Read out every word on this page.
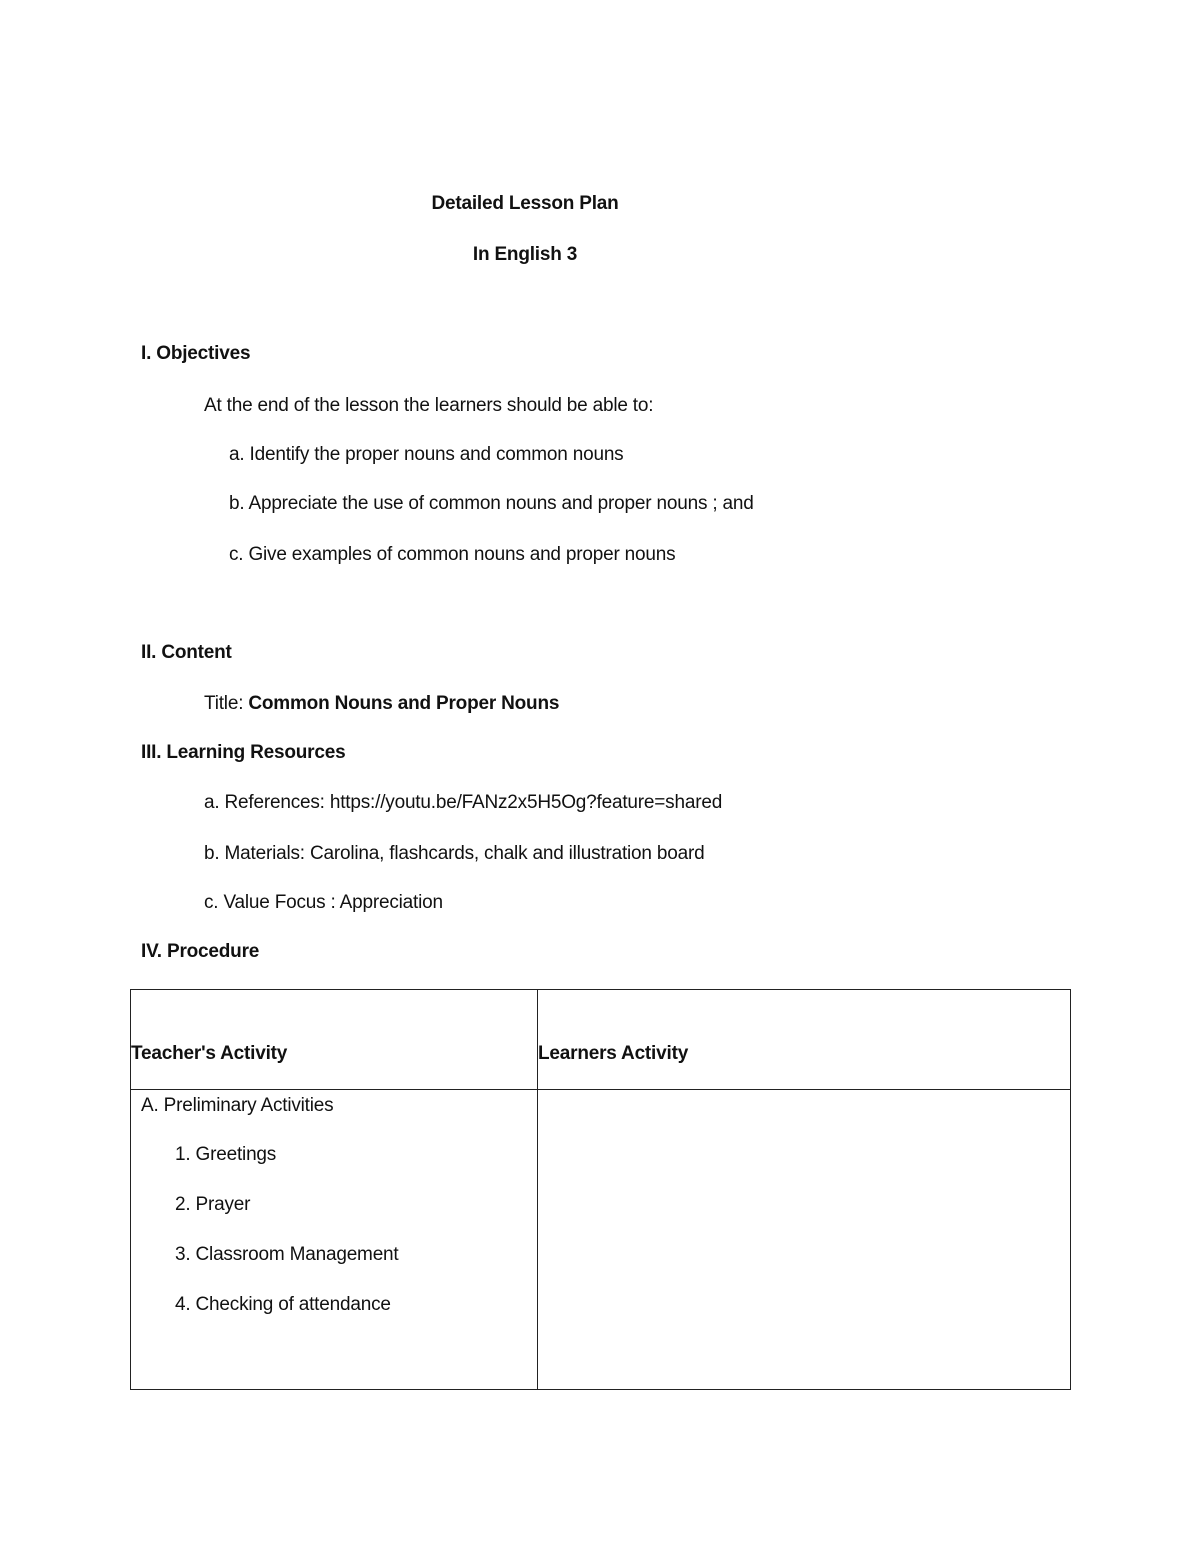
Detailed Lesson Plan
In English 3
I. Objectives
At the end of the lesson the learners should be able to:
a. Identify the proper nouns and common nouns
b. Appreciate the use of common nouns and proper nouns ; and
c. Give examples of common nouns and proper nouns
II. Content
Title: Common Nouns and Proper Nouns
III. Learning Resources
a. References: https://youtu.be/FANz2x5H5Og?feature=shared
b. Materials: Carolina, flashcards, chalk and illustration board
c. Value Focus : Appreciation
IV. Procedure
Teacher's Activity	Learners Activity

A. Preliminary Activities
1. Greetings
2. Prayer
3. Classroom Management
4. Checking of attendance	
